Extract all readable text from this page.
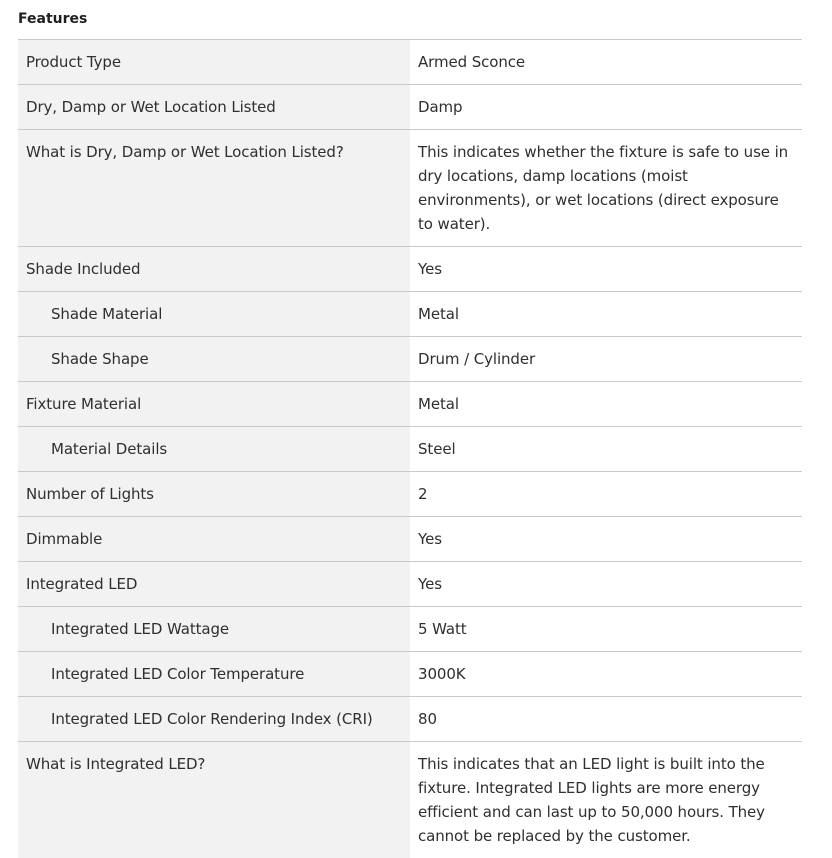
Features
Product Type	Armed Sconce
Dry, Damp or Wet Location Listed	Damp
What is Dry, Damp or Wet Location Listed?	This indicates whether the fixture is safe to use in dry locations, damp locations (moist environments), or wet locations (direct exposure to water).
Shade Included	Yes
Shade Material	Metal
Shade Shape	Drum / Cylinder
Fixture Material	Metal
Material Details	Steel
Number of Lights	2
Dimmable	Yes
Integrated LED	Yes
Integrated LED Wattage	5 Watt
Integrated LED Color Temperature	3000K
Integrated LED Color Rendering Index (CRI)	80
What is Integrated LED?	This indicates that an LED light is built into the fixture. Integrated LED lights are more energy efficient and can last up to 50,000 hours. They cannot be replaced by the customer.
